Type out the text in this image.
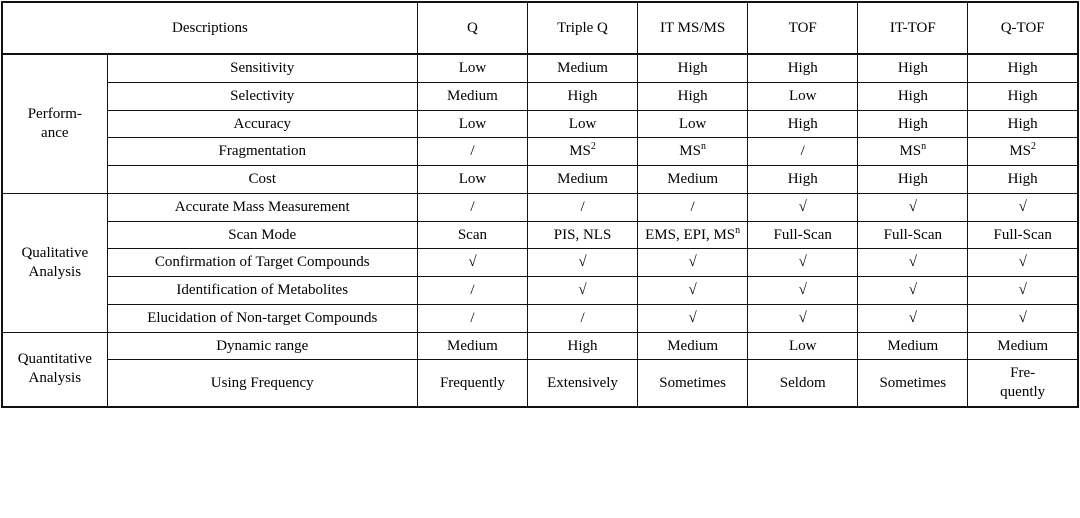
Descriptions		Q	Triple Q	IT MS/MS	TOF	IT-TOF	Q-TOF

Perform-
ance	Sensitivity	Low	Medium	High	High	High	High
	Selectivity	Medium	High	High	Low	High	High
	Accuracy	Low	Low	Low	High	High	High
	Fragmentation	/	$MS^2$	$MS^n$	/	$MS^n$	$MS^2$
	Cost	Low	Medium	Medium	High	High	High

Qualitative
Analysis	Accurate Mass Measurement	/	/	/	√	√	√
	Scan Mode	Scan	PIS, NLS	EMS, EPI, $MS^n$	Full-Scan	Full-Scan	Full-Scan
	Confirmation of Target Compounds	√	√	√	√	√	√
	Identification of Metabolites	/	√	√	√	√	√
	Elucidation of Non-target Compounds	/	/	√	√	√	√

Quantitative
Analysis	Dynamic range	Medium	High	Medium	Low	Medium	Medium
	Using Frequency	Frequently	Extensively	Sometimes	Seldom	Sometimes	Fre-
quently
